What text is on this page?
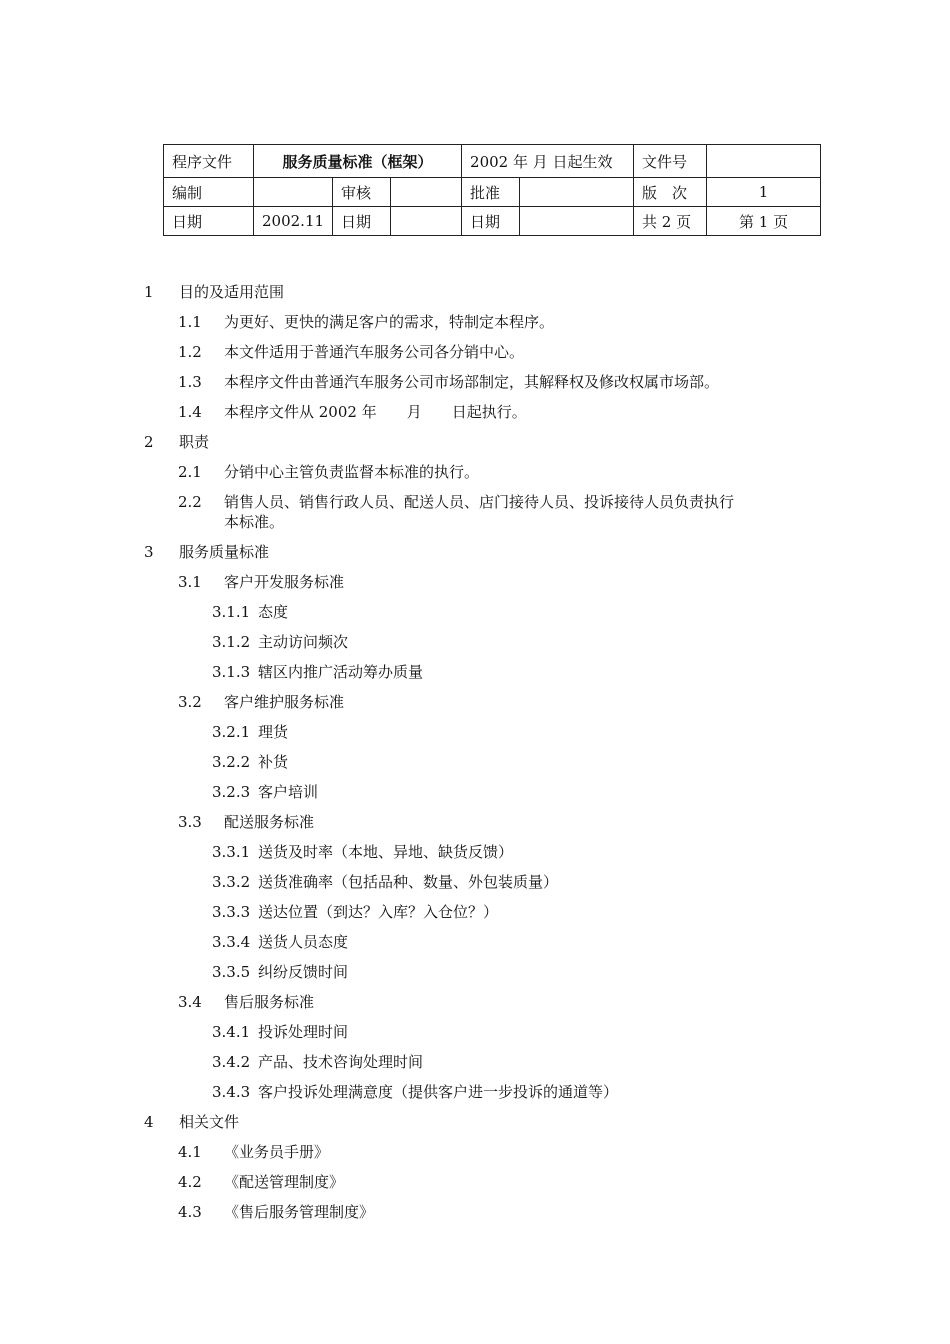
程序文件	服务质量标准（框架）			2002 年 月 日起生效		文件号	
编制		审核		批准		版　次	1
日期	2002.11	日期		日期		共 2 页	第 1 页
1 目的及适用范围
1.1 为更好、更快的满足客户的需求，特制定本程序。
1.2 本文件适用于普通汽车服务公司各分销中心。
1.3 本程序文件由普通汽车服务公司市场部制定，其解释权及修改权属市场部。
1.4 本程序文件从 2002 年　　月　　日起执行。
2 职责
2.1 分销中心主管负责监督本标准的执行。
2.2 销售人员、销售行政人员、配送人员、店门接待人员、投诉接待人员负责执行
本标准。
3 服务质量标准
3.1 客户开发服务标准
3.1.1 态度
3.1.2 主动访问频次
3.1.3 辖区内推广活动筹办质量
3.2 客户维护服务标准
3.2.1 理货
3.2.2 补货
3.2.3 客户培训
3.3 配送服务标准
3.3.1 送货及时率（本地、异地、缺货反馈）
3.3.2 送货准确率（包括品种、数量、外包装质量）
3.3.3 送达位置（到达？入库？入仓位？）
3.3.4 送货人员态度
3.3.5 纠纷反馈时间
3.4 售后服务标准
3.4.1 投诉处理时间
3.4.2 产品、技术咨询处理时间
3.4.3 客户投诉处理满意度（提供客户进一步投诉的通道等）
4 相关文件
4.1 《业务员手册》
4.2 《配送管理制度》
4.3 《售后服务管理制度》
